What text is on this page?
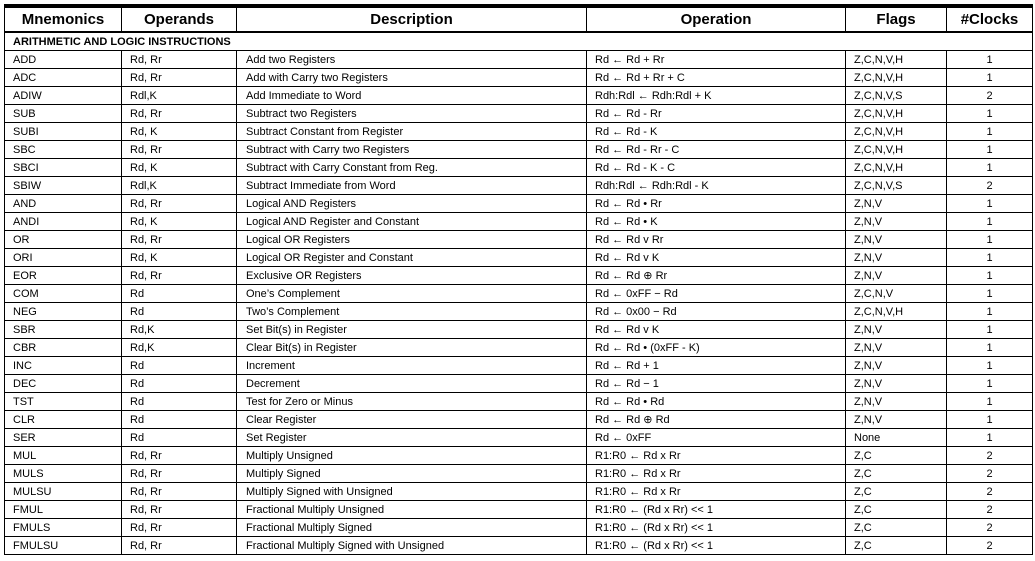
Mnemonics	Operands	Description	Operation	Flags	#Clocks
ARITHMETIC AND LOGIC INSTRUCTIONS					
ADD	Rd, Rr	Add two Registers	Rd ← Rd + Rr	Z,C,N,V,H	1
ADC	Rd, Rr	Add with Carry two Registers	Rd ← Rd + Rr + C	Z,C,N,V,H	1
ADIW	Rdl,K	Add Immediate to Word	Rdh:Rdl ← Rdh:Rdl + K	Z,C,N,V,S	2
SUB	Rd, Rr	Subtract two Registers	Rd ← Rd - Rr	Z,C,N,V,H	1
SUBI	Rd, K	Subtract Constant from Register	Rd ← Rd - K	Z,C,N,V,H	1
SBC	Rd, Rr	Subtract with Carry two Registers	Rd ← Rd - Rr - C	Z,C,N,V,H	1
SBCI	Rd, K	Subtract with Carry Constant from Reg.	Rd ← Rd - K - C	Z,C,N,V,H	1
SBIW	Rdl,K	Subtract Immediate from Word	Rdh:Rdl ← Rdh:Rdl - K	Z,C,N,V,S	2
AND	Rd, Rr	Logical AND Registers	Rd ← Rd • Rr	Z,N,V	1
ANDI	Rd, K	Logical AND Register and Constant	Rd ← Rd • K	Z,N,V	1
OR	Rd, Rr	Logical OR Registers	Rd ← Rd v Rr	Z,N,V	1
ORI	Rd, K	Logical OR Register and Constant	Rd ← Rd v K	Z,N,V	1
EOR	Rd, Rr	Exclusive OR Registers	Rd ← Rd ⊕ Rr	Z,N,V	1
COM	Rd	One’s Complement	Rd ← 0xFF − Rd	Z,C,N,V	1
NEG	Rd	Two’s Complement	Rd ← 0x00 − Rd	Z,C,N,V,H	1
SBR	Rd,K	Set Bit(s) in Register	Rd ← Rd v K	Z,N,V	1
CBR	Rd,K	Clear Bit(s) in Register	Rd ← Rd • (0xFF - K)	Z,N,V	1
INC	Rd	Increment	Rd ← Rd + 1	Z,N,V	1
DEC	Rd	Decrement	Rd ← Rd − 1	Z,N,V	1
TST	Rd	Test for Zero or Minus	Rd ← Rd • Rd	Z,N,V	1
CLR	Rd	Clear Register	Rd ← Rd ⊕ Rd	Z,N,V	1
SER	Rd	Set Register	Rd ← 0xFF	None	1
MUL	Rd, Rr	Multiply Unsigned	R1:R0 ← Rd x Rr	Z,C	2
MULS	Rd, Rr	Multiply Signed	R1:R0 ← Rd x Rr	Z,C	2
MULSU	Rd, Rr	Multiply Signed with Unsigned	R1:R0 ← Rd x Rr	Z,C	2
FMUL	Rd, Rr	Fractional Multiply Unsigned	R1:R0 ← (Rd x Rr) << 1	Z,C	2
FMULS	Rd, Rr	Fractional Multiply Signed	R1:R0 ← (Rd x Rr) << 1	Z,C	2
FMULSU	Rd, Rr	Fractional Multiply Signed with Unsigned	R1:R0 ← (Rd x Rr) << 1	Z,C	2
